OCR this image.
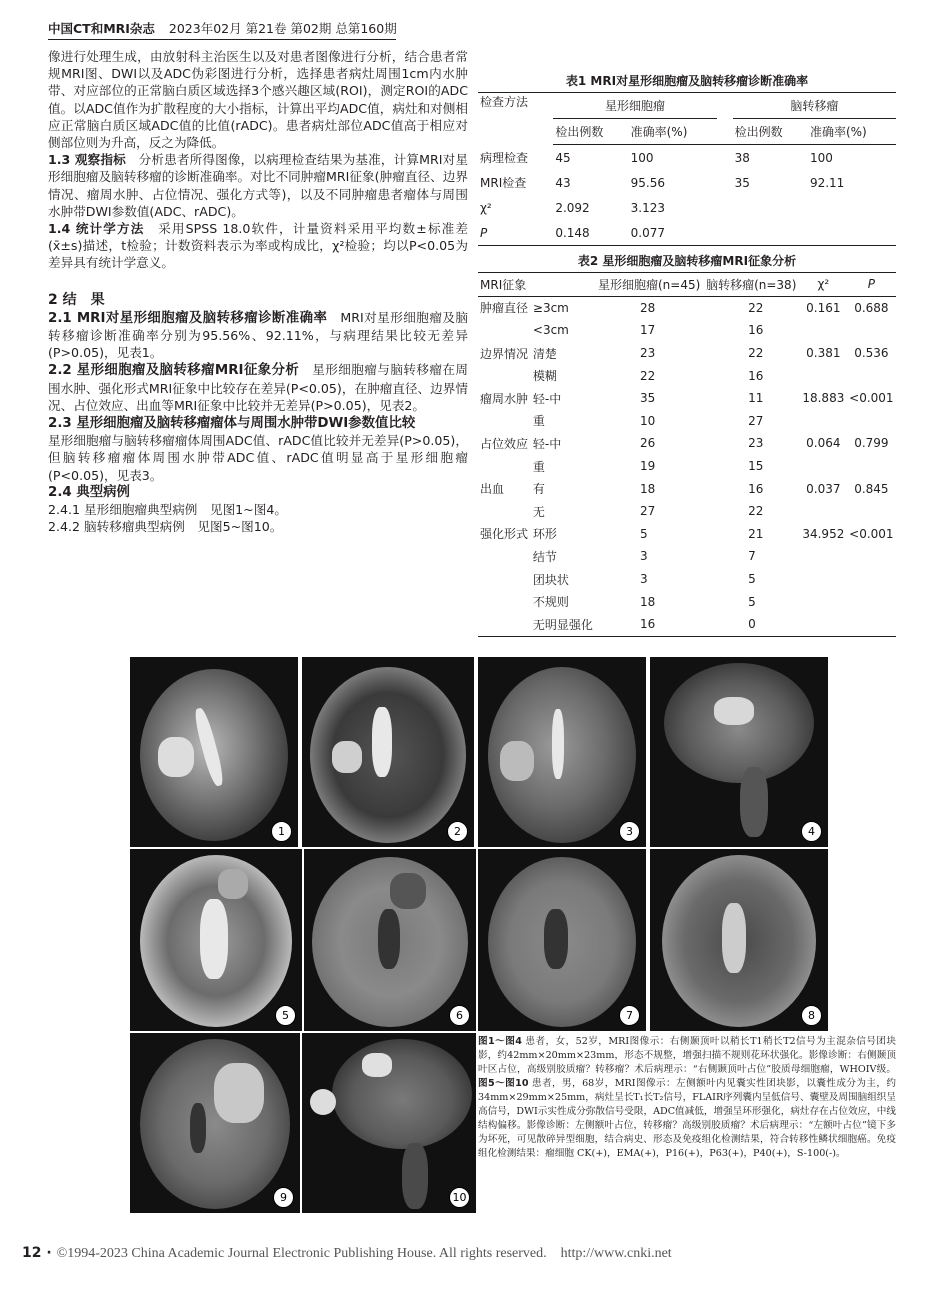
中国CT和MRI杂志 2023年02月 第21卷 第02期 总第160期

像进行处理生成，由放射科主治医生以及对患者图像进行分析，结合患者常规MRI图、DWI以及ADC伪彩图进行分析，选择患者病灶周围1cm内水肿带、对应部位的正常脑白质区域选择3个感兴趣区域(ROI)，测定ROI的ADC值。以ADC值作为扩散程度的大小指标，计算出平均ADC值，病灶和对侧相应正常脑白质区域ADC值的比值(rADC)。患者病灶部位ADC值高于相应对侧部位则为升高，反之为降低。

1.3 观察指标　 分析患者所得图像，以病理检查结果为基准，计算MRI对星形细胞瘤及脑转移瘤的诊断准确率。对比不同肿瘤MRI征象(肿瘤直径、边界情况、瘤周水肿、占位情况、强化方式等)，以及不同肿瘤患者瘤体与周围水肿带DWI参数值(ADC、rADC)。

1.4 统计学方法　 采用SPSS 18.0软件，计量资料采用平均数±标准差(x̄±s)描述，t检验；计数资料表示为率或构成比，χ²检验；均以P<0.05为差异具有统计学意义。

2 结　果

2.1 MRI对星形细胞瘤及脑转移瘤诊断准确率　 MRI对星形细胞瘤及脑转移瘤诊断准确率分别为95.56%、92.11%，与病理结果比较无差异(P>0.05)，见表1。

2.2 星形细胞瘤及脑转移瘤MRI征象分析　 星形细胞瘤与脑转移瘤在周围水肿、强化形式MRI征象中比较存在差异(P<0.05)，在肿瘤直径、边界情况、占位效应、出血等MRI征象中比较并无差异(P>0.05)，见表2。

2.3 星形细胞瘤及脑转移瘤瘤体与周围水肿带DWI参数值比较
星形细胞瘤与脑转移瘤瘤体周围ADC值、rADC值比较并无差异(P>0.05)，但脑转移瘤瘤体周围水肿带ADC值、rADC值明显高于星形细胞瘤(P<0.05)，见表3。

2.4 典型病例

2.4.1 星形细胞瘤典型病例　见图1~图4。

2.4.2 脑转移瘤典型病例　见图5~图10。

表1 MRI对星形细胞瘤及脑转移瘤诊断准确率
检查方法	星形细胞瘤			脑转移瘤	
	检出例数	准确率(%)		检出例数	准确率(%)
病理检查	45	100		38	100
MRI检查	43	95.56		35	92.11
χ²	2.092	3.123			
P	0.148	0.077			
表2 星形细胞瘤及脑转移瘤MRI征象分析
MRI征象		星形细胞瘤(n=45)	脑转移瘤(n=38)	χ²	P
肿瘤直径	≥3cm	28	22	0.161	0.688
	<3cm	17	16		
边界情况	清楚	23	22	0.381	0.536
	模糊	22	16		
瘤周水肿	轻-中	35	11	18.883	<0.001
	重	10	27		
占位效应	轻-中	26	23	0.064	0.799
	重	19	15		
出血	有	18	16	0.037	0.845
	无	27	22		
强化形式	环形	5	21	34.952	<0.001
	结节	3	7		
	团块状	3	5		
	不规则	18	5		
	无明显强化	16	0		
1	2	3	4
5	6	7	8
9	10
图1～图4 患者，女，52岁，MRI图像示：右侧颞顶叶以稍长T1稍长T2信号为主混杂信号团块影，约42mm×20mm×23mm，形态不规整，增强扫描不规则花环状强化。影像诊断：右侧颞顶叶区占位，高级别胶质瘤？转移瘤？术后病理示：“右侧颞顶叶占位”胶质母细胞瘤，WHOIV级。 图5～图10 患者，男，68岁，MRI图像示：左侧额叶内见囊实性团块影，以囊性成分为主，约34mm×29mm×25mm，病灶呈长T₁长T₂信号，FLAIR序列囊内呈低信号、囊壁及周围脑组织呈高信号，DWI示实性成分弥散信号受限，ADC值减低，增强呈环形强化，病灶存在占位效应，中线结构偏移。影像诊断：左侧额叶占位，转移瘤？高级别胶质瘤？术后病理示：“左额叶占位”镜下多为坏死，可见散碎异型细胞，结合病史、形态及免疫组化检测结果，符合转移性鳞状细胞癌。免疫组化检测结果：瘤细胞 CK(+)，EMA(+)，P16(+)，P63(+)，P40(+)，S-100(-)。
12 · ©1994-2023 China Academic Journal Electronic Publishing House. All rights reserved.　http://www.cnki.net
